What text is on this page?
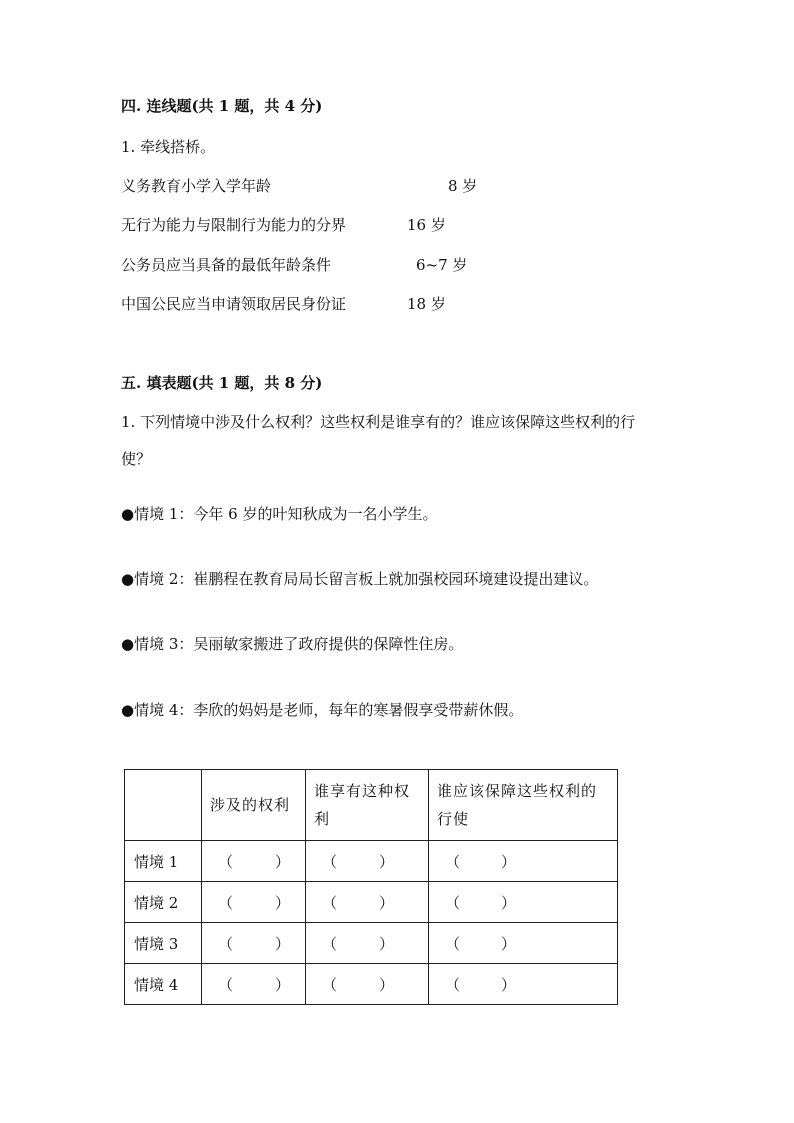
四. 连线题(共 1 题，共 4 分)
1. 牵线搭桥。
义务教育小学入学年龄	8 岁
无行为能力与限制行为能力的分界	16 岁
公务员应当具备的最低年龄条件	6~7 岁
中国公民应当申请领取居民身份证	18 岁
五. 填表题(共 1 题，共 8 分)
1. 下列情境中涉及什么权利？这些权利是谁享有的？谁应该保障这些权利的行
使？
●情境 1：今年 6 岁的叶知秋成为一名小学生。
●情境 2：崔鹏程在教育局局长留言板上就加强校园环境建设提出建议。
●情境 3：吴丽敏家搬进了政府提供的保障性住房。
●情境 4：李欣的妈妈是老师，每年的寒暑假享受带薪休假。
	涉及的权利	谁享有这种权利	谁应该保障这些权利的行使
情境 1	（ ）	（ ）	（ ）

情境 2	（ ）	（ ）	（ ）

情境 3	（ ）	（ ）	（ ）

情境 4	（ ）	（ ）	（ ）
